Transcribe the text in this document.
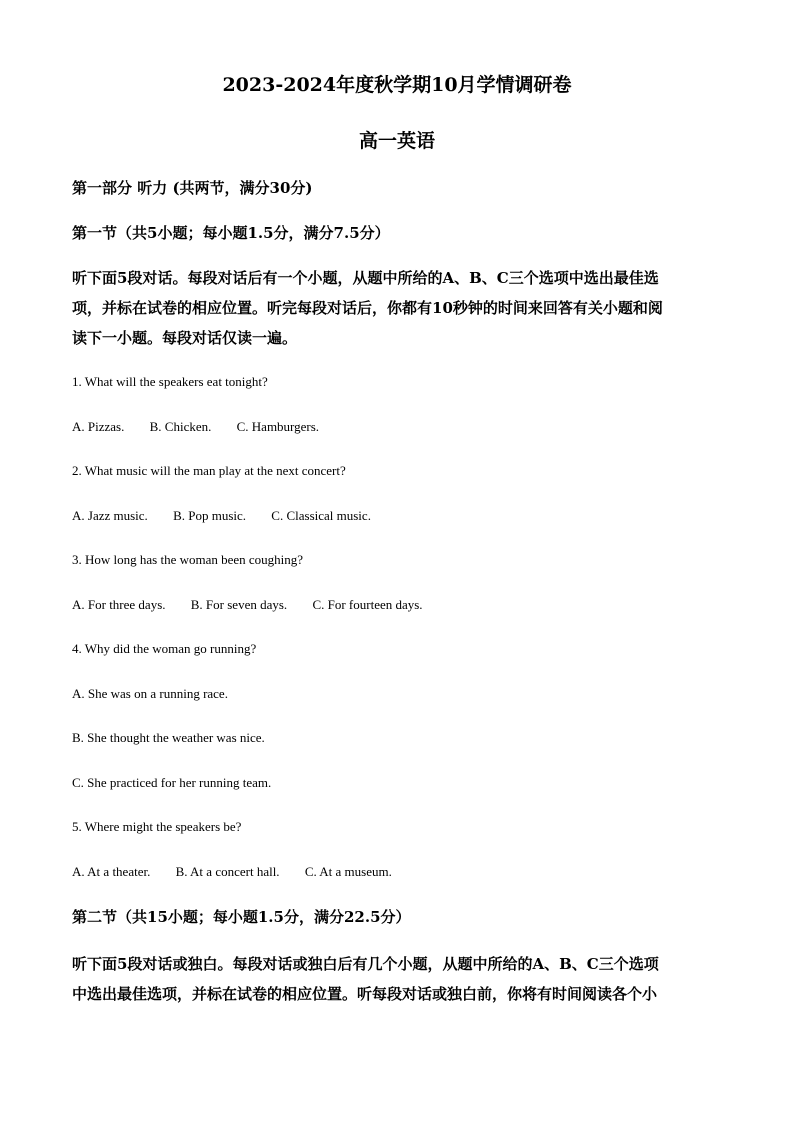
2023-2024年度秋学期10月学情调研卷
高一英语
第一部分 听力 (共两节，满分30分)
第一节（共5小题；每小题1.5分，满分7.5分）
听下面5段对话。每段对话后有一个小题，从题中所给的A、B、C三个选项中选出最佳选
项，并标在试卷的相应位置。听完每段对话后，你都有10秒钟的时间来回答有关小题和阅
读下一小题。每段对话仅读一遍。
1. What will the speakers eat tonight?
A. Pizzas. B. Chicken. C. Hamburgers.
2. What music will the man play at the next concert?
A. Jazz music. B. Pop music. C. Classical music.
3. How long has the woman been coughing?
A. For three days. B. For seven days. C. For fourteen days.
4. Why did the woman go running?
A. She was on a running race.
B. She thought the weather was nice.
C. She practiced for her running team.
5. Where might the speakers be?
A. At a theater. B. At a concert hall. C. At a museum.
第二节（共15小题；每小题1.5分，满分22.5分）
听下面5段对话或独白。每段对话或独白后有几个小题，从题中所给的A、B、C三个选项
中选出最佳选项，并标在试卷的相应位置。听每段对话或独白前，你将有时间阅读各个小
